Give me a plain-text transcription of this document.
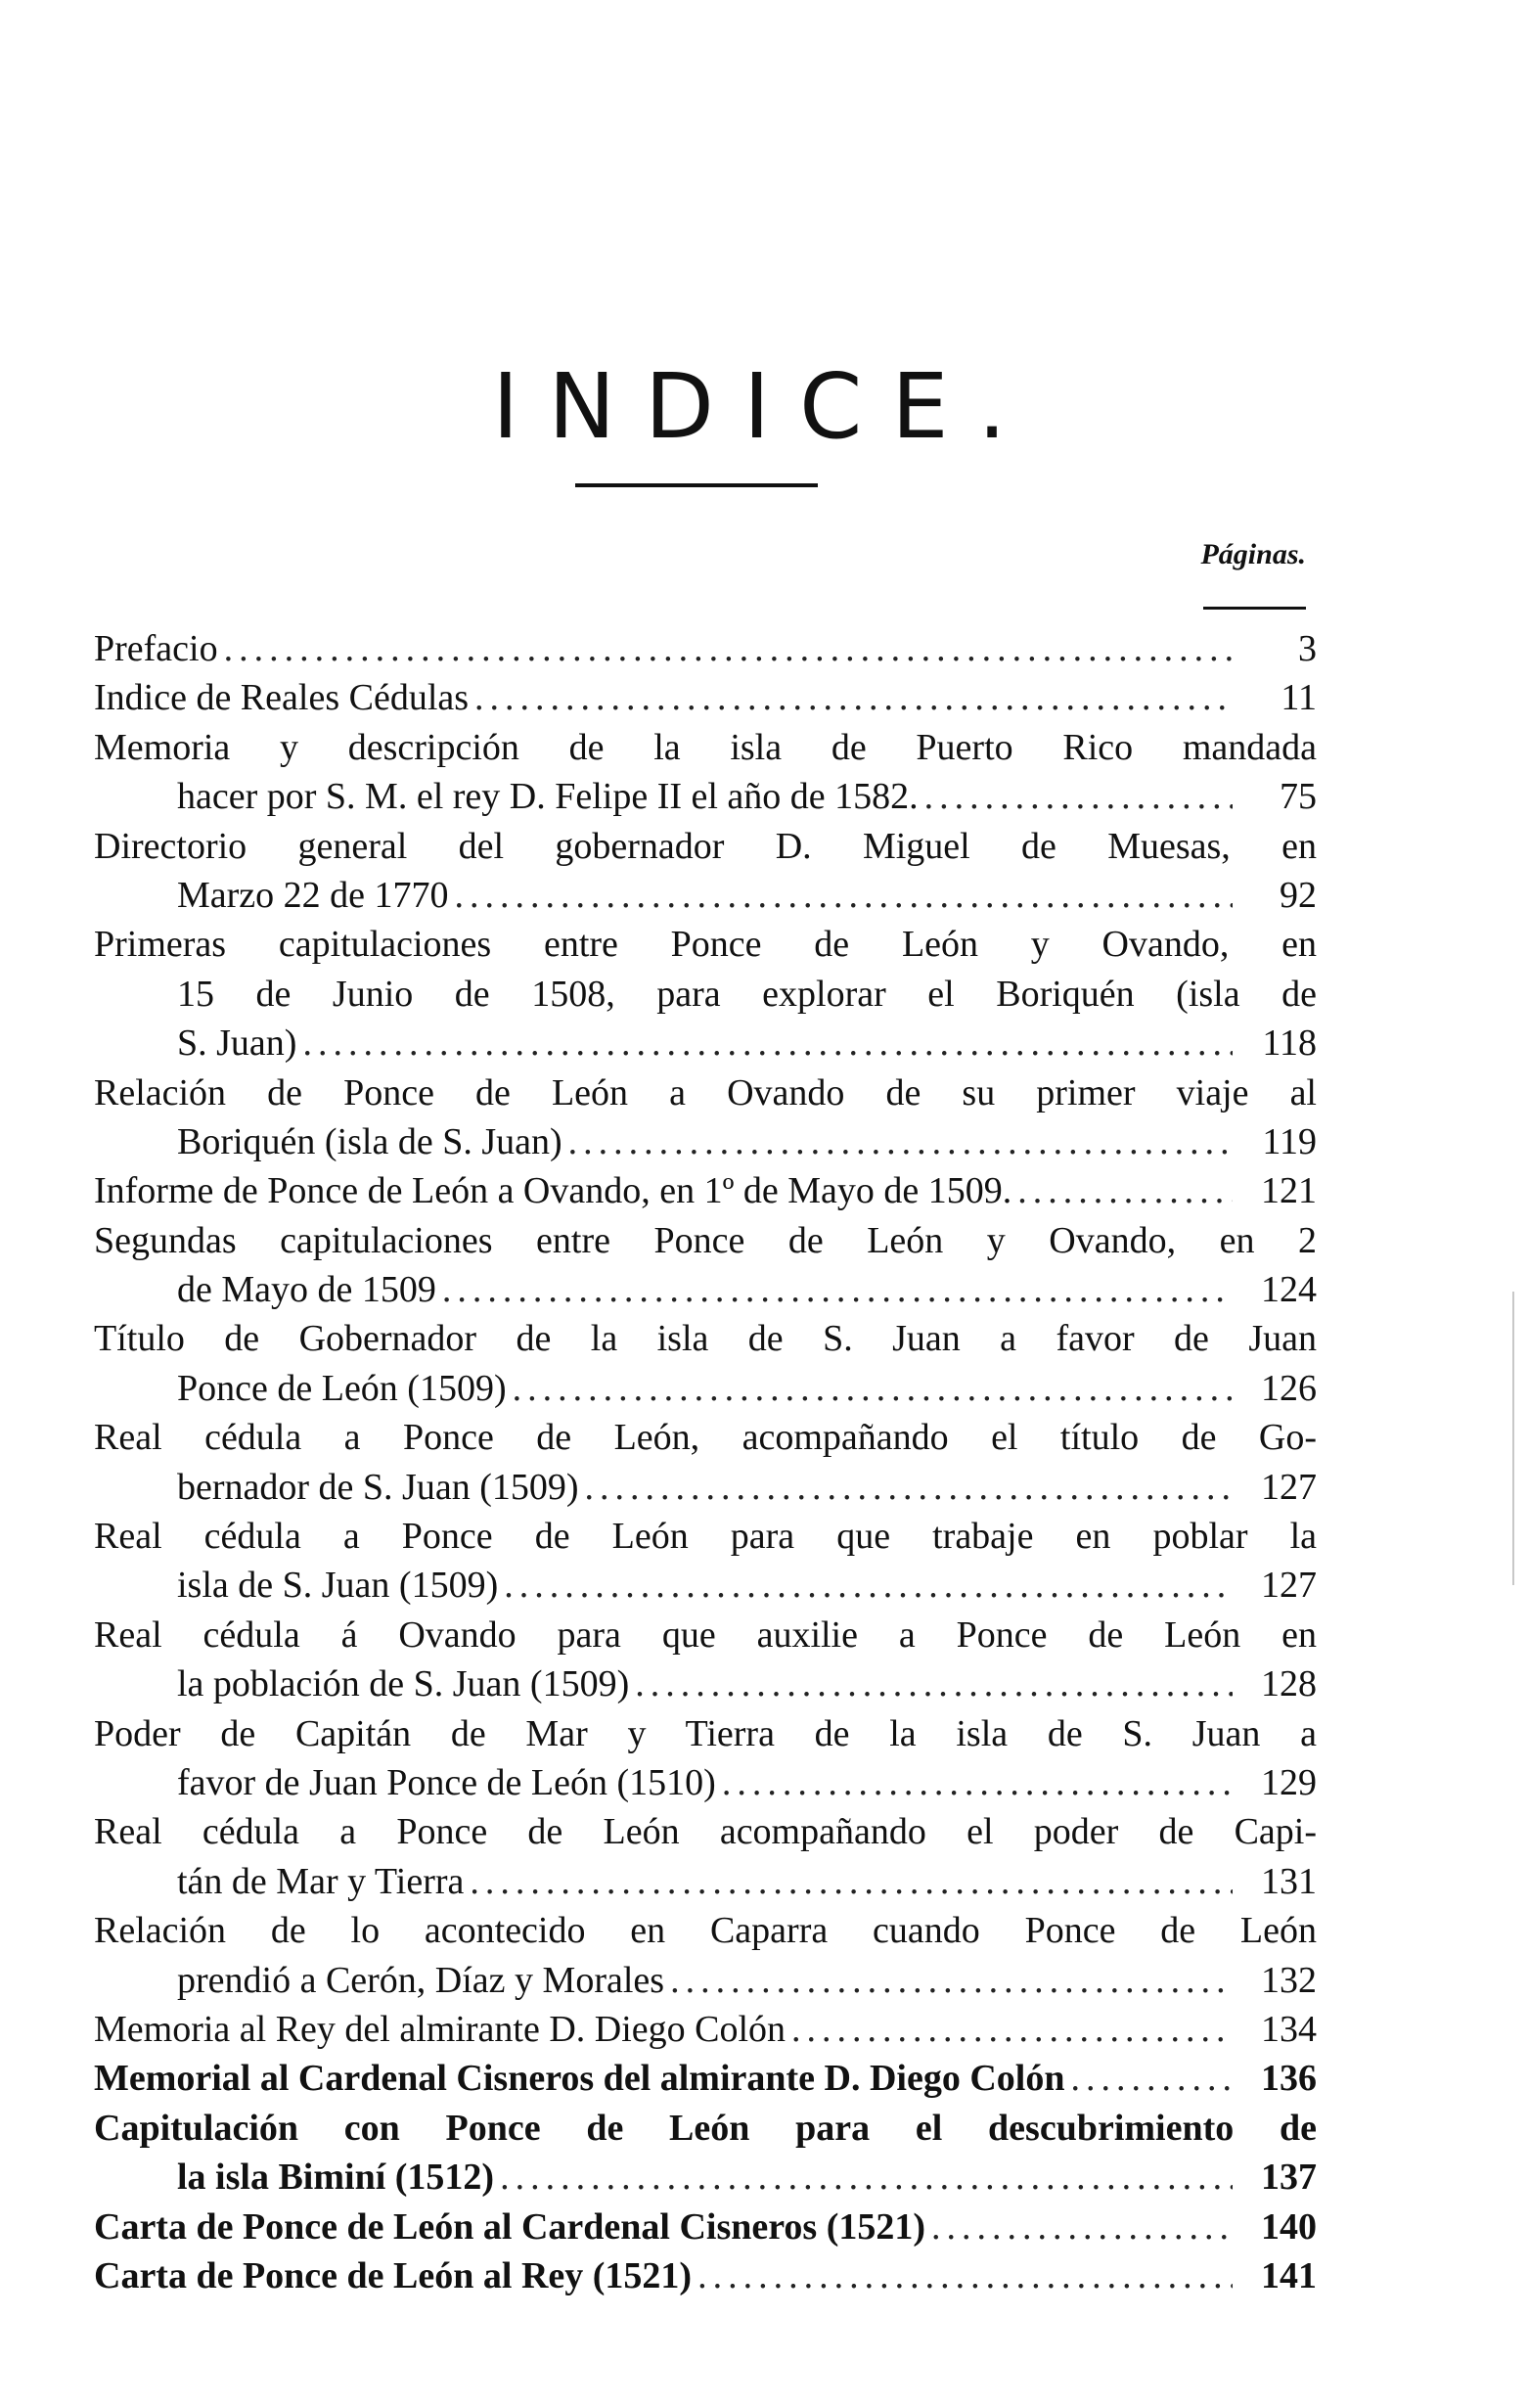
INDICE.
Páginas.
Prefacio .....	3
Indice de Reales Cédulas .....	11
Memoria y descripción de la isla de Puerto Rico mandada
hacer por S. M. el rey D. Felipe II el año de 1582. .....	75
Directorio general del gobernador D. Miguel de Muesas, en
Marzo 22 de 1770 .....	92
Primeras capitulaciones entre Ponce de León y Ovando, en
15 de Junio de 1508, para explorar el Boriquén (isla de
S. Juan) .....	118
Relación de Ponce de León a Ovando de su primer viaje al
Boriquén (isla de S. Juan) .....	119
Informe de Ponce de León a Ovando, en 1º de Mayo de 1509. .....	121
Segundas capitulaciones entre Ponce de León y Ovando, en 2
de Mayo de 1509 .....	124
Título de Gobernador de la isla de S. Juan a favor de Juan
Ponce de León (1509) .....	126
Real cédula a Ponce de León, acompañando el título de Go-
bernador de S. Juan (1509) .....	127
Real cédula a Ponce de León para que trabaje en poblar la
isla de S. Juan (1509) .....	127
Real cédula á Ovando para que auxilie a Ponce de León en
la población de S. Juan (1509) .....	128
Poder de Capitán de Mar y Tierra de la isla de S. Juan a
favor de Juan Ponce de León (1510) .....	129
Real cédula a Ponce de León acompañando el poder de Capi-
tán de Mar y Tierra .....	131
Relación de lo acontecido en Caparra cuando Ponce de León
prendió a Cerón, Díaz y Morales .....	132
Memoria al Rey del almirante D. Diego Colón .....	134
Memorial al Cardenal Cisneros del almirante D. Diego Colón .....	136
Capitulación con Ponce de León para el descubrimiento de
la isla Biminí (1512) .....	137
Carta de Ponce de León al Cardenal Cisneros (1521) .....	140
Carta de Ponce de León al Rey (1521) .....	141
